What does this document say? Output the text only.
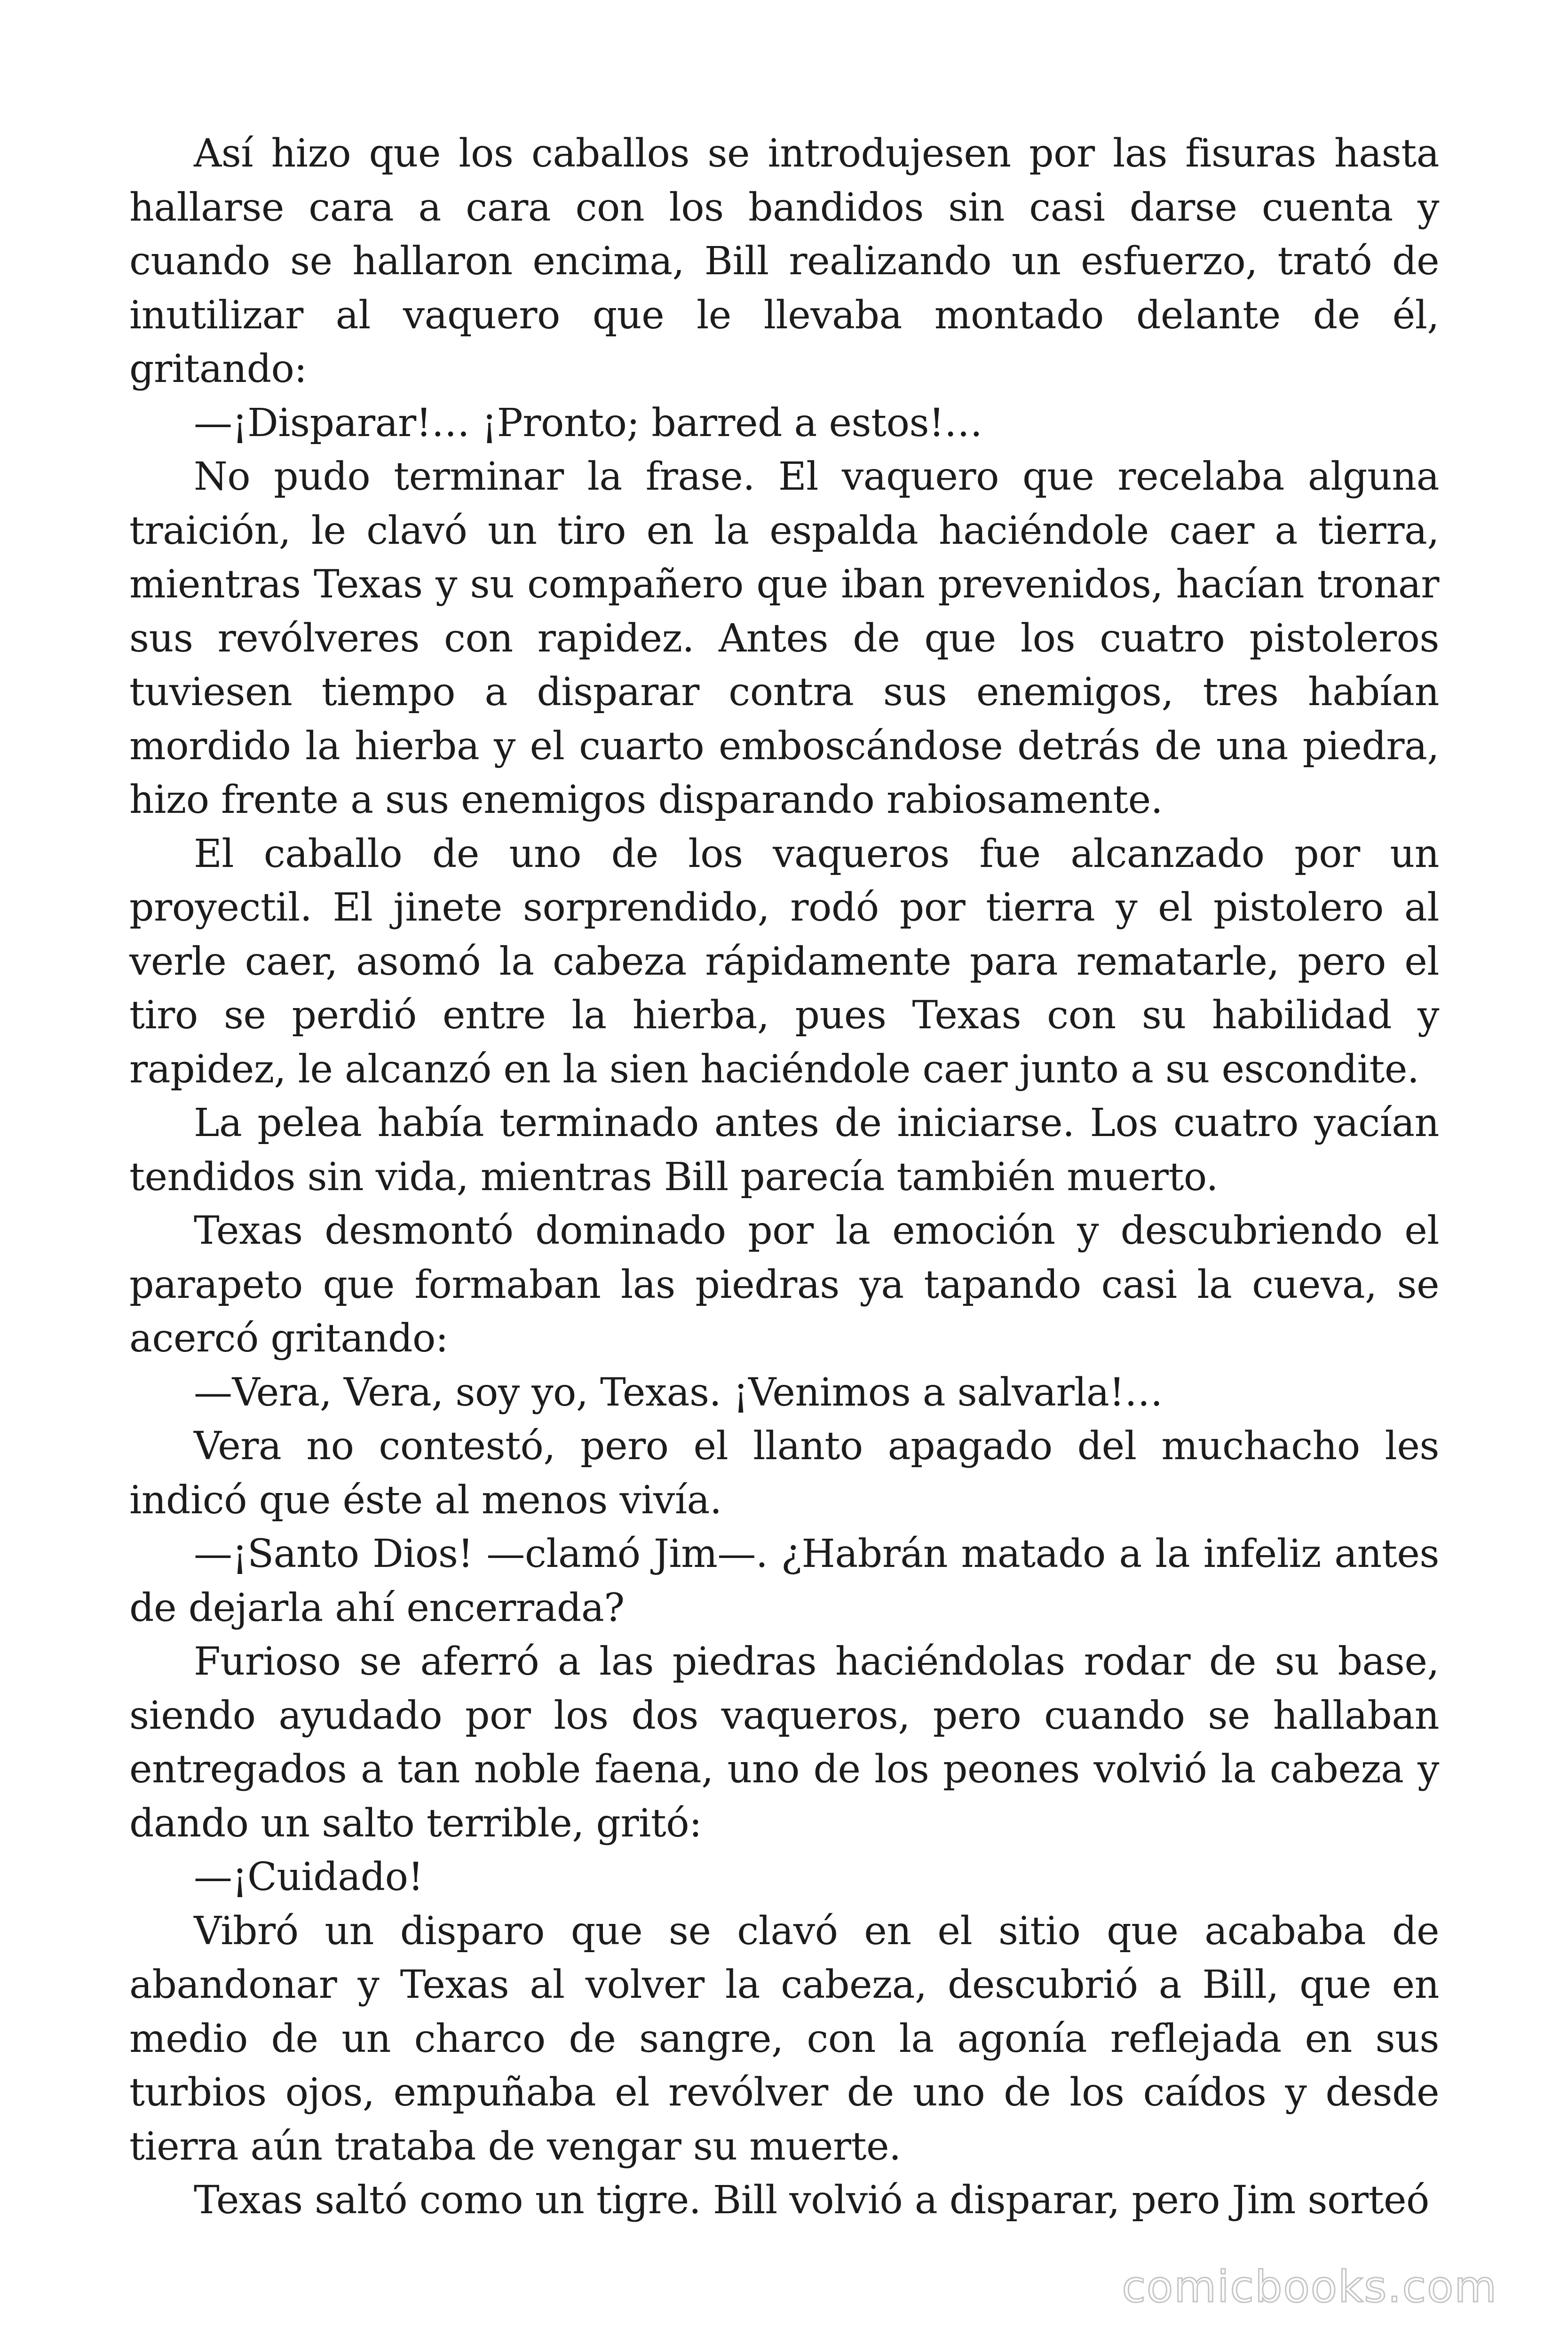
Así hizo que los caballos se introdujesen por las fisuras hasta hallarse cara a cara con los bandidos sin casi darse cuenta y cuando se hallaron encima, Bill realizando un esfuerzo, trató de inutilizar al vaquero que le llevaba montado delante de él, gritando:

—¡Disparar!… ¡Pronto; barred a estos!…

No pudo terminar la frase. El vaquero que recelaba alguna traición, le clavó un tiro en la espalda haciéndole caer a tierra, mientras Texas y su compañero que iban prevenidos, hacían tronar sus revólveres con rapidez. Antes de que los cuatro pistoleros tuviesen tiempo a disparar contra sus enemigos, tres habían mordido la hierba y el cuarto emboscándose detrás de una piedra, hizo frente a sus enemigos disparando rabiosamente.

El caballo de uno de los vaqueros fue alcanzado por un proyectil. El jinete sorprendido, rodó por tierra y el pistolero al verle caer, asomó la cabeza rápidamente para rematarle, pero el tiro se perdió entre la hierba, pues Texas con su habilidad y rapidez, le alcanzó en la sien haciéndole caer junto a su escondite.

La pelea había terminado antes de iniciarse. Los cuatro yacían tendidos sin vida, mientras Bill parecía también muerto.

Texas desmontó dominado por la emoción y descubriendo el parapeto que formaban las piedras ya tapando casi la cueva, se acercó gritando:

—Vera, Vera, soy yo, Texas. ¡Venimos a salvarla!…

Vera no contestó, pero el llanto apagado del muchacho les indicó que éste al menos vivía.

—¡Santo Dios! —clamó Jim—. ¿Habrán matado a la infeliz antes de dejarla ahí encerrada?

Furioso se aferró a las piedras haciéndolas rodar de su base, siendo ayudado por los dos vaqueros, pero cuando se hallaban entregados a tan noble faena, uno de los peones volvió la cabeza y dando un salto terrible, gritó:

—¡Cuidado!

Vibró un disparo que se clavó en el sitio que acababa de abandonar y Texas al volver la cabeza, descubrió a Bill, que en medio de un charco de sangre, con la agonía reflejada en sus turbios ojos, empuñaba el revólver de uno de los caídos y desde tierra aún trataba de vengar su muerte.

Texas saltó como un tigre. Bill volvió a disparar, pero Jim sorteó

comicbooks.com
